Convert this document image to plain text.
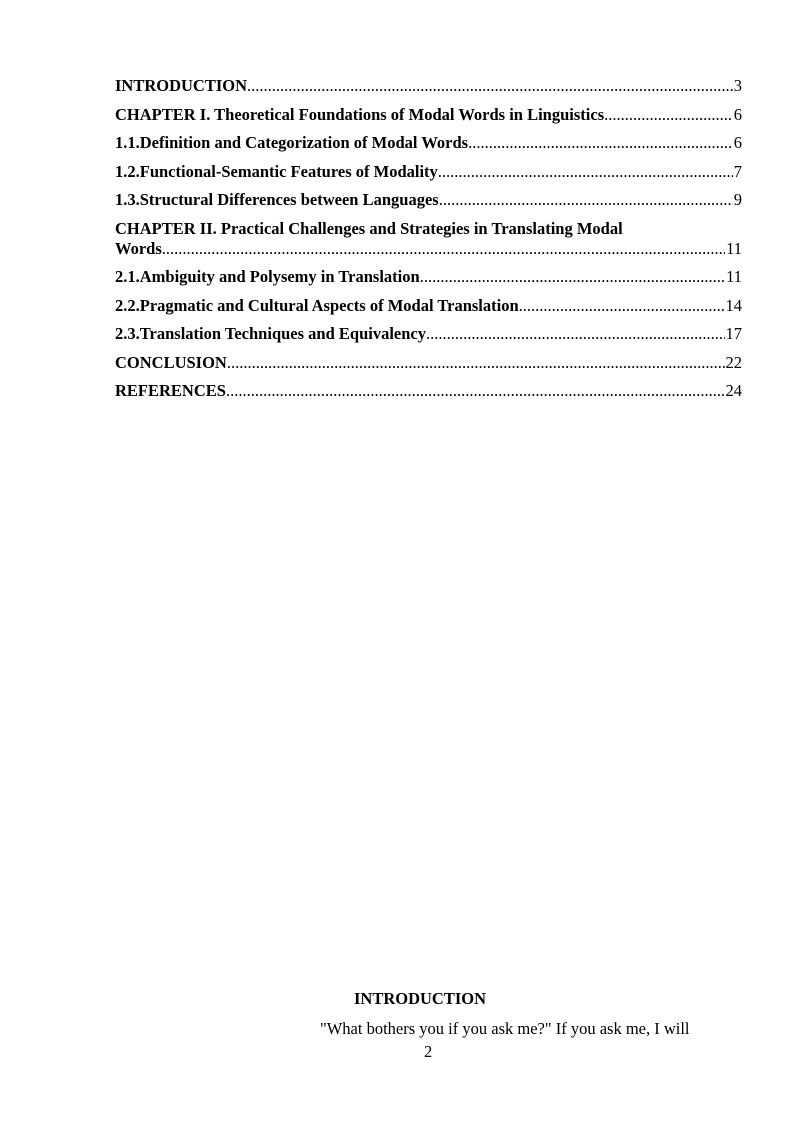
INTRODUCTION .....	3
CHAPTER I. Theoretical Foundations of Modal Words in Linguistics .....	6
1.1.Definition and Categorization of Modal Words .....	6
1.2.Functional-Semantic Features of Modality .....	7
1.3.Structural Differences between Languages .....	9
CHAPTER II. Practical Challenges and Strategies in Translating Modal
Words .....	11
2.1.Ambiguity and Polysemy in Translation .....	11
2.2.Pragmatic and Cultural Aspects of Modal Translation .....	14
2.3.Translation Techniques and Equivalency .....	17
CONCLUSION .....	22
REFERENCES .....	24
INTRODUCTION
"What bothers you if you ask me?" If you ask me, I will
2
